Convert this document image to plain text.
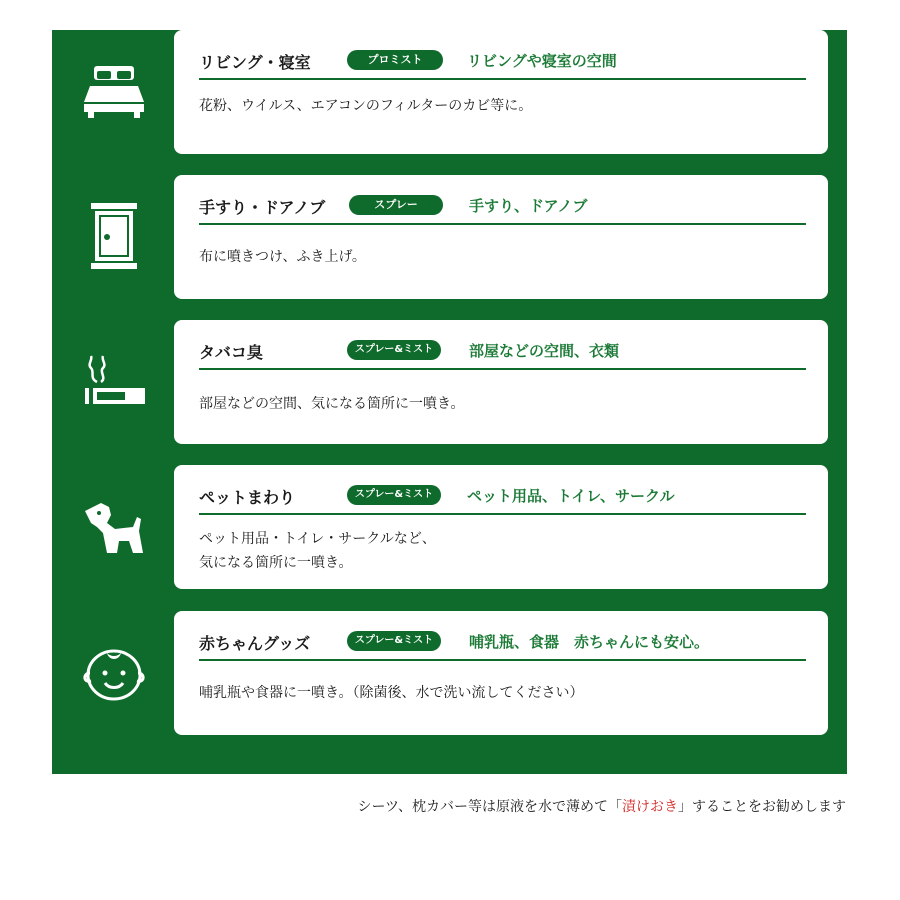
リビング・寝室	プロミスト	リビングや寝室の空間
花粉、ウイルス、エアコンのフィルターのカビ等に。
手すり・ドアノブ	スプレー	手すり、ドアノブ
布に噴きつけ、ふき上げ。
タバコ臭	スプレー&ミスト	部屋などの空間、衣類
部屋などの空間、気になる箇所に一噴き。
ペットまわり	スプレー&ミスト	ペット用品、トイレ、サークル
ペット用品・トイレ・サークルなど、
気になる箇所に一噴き。
赤ちゃんグッズ	スプレー&ミスト	哺乳瓶、食器　赤ちゃんにも安心。
哺乳瓶や食器に一噴き。（除菌後、水で洗い流してください）
シーツ、枕カバー等は原液を水で薄めて「漬けおき」することをお勧めします
